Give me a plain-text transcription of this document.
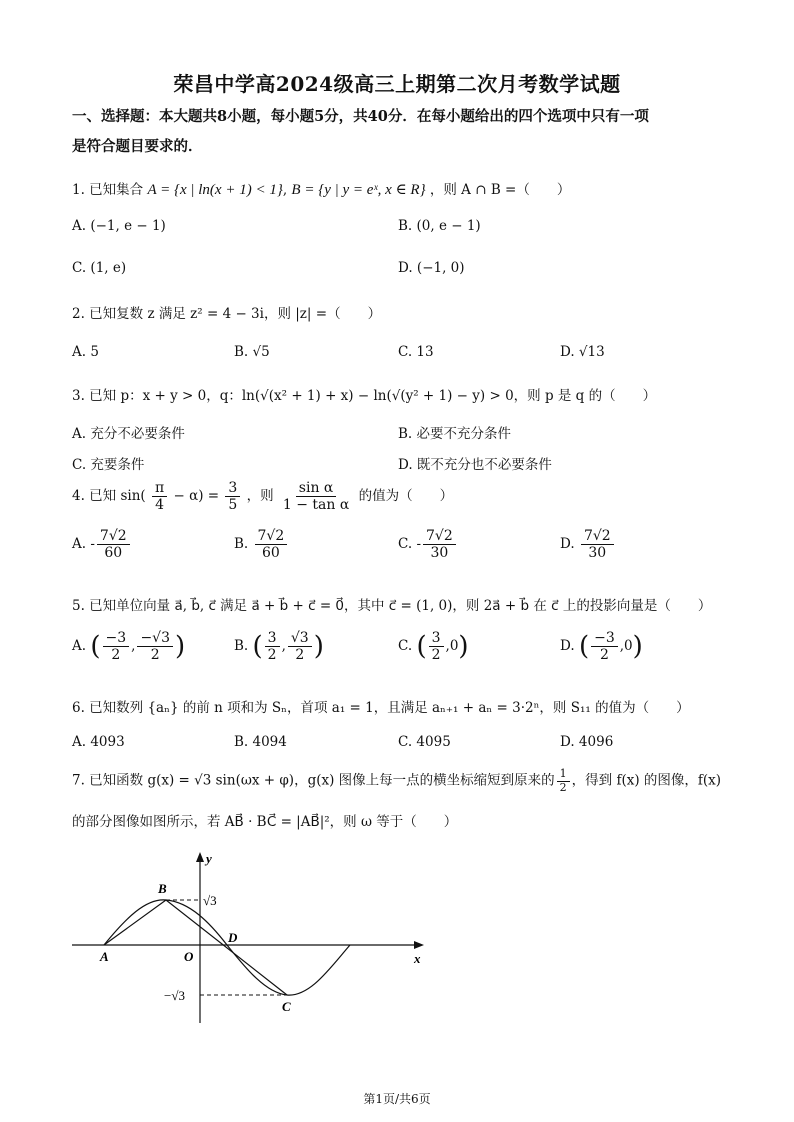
荣昌中学高2024级高三上期第二次月考数学试题
一、选择题：本大题共8小题，每小题5分，共40分．在每小题给出的四个选项中只有一项
是符合题目要求的．
1. 已知集合 A = {x | ln(x + 1) < 1}, B = {y | y = eˣ, x ∈ R} ，则 A ∩ B =（　　）
A. (−1, e − 1)	B. (0, e − 1)
C. (1, e)	D. (−1, 0)
2. 已知复数 z 满足 z² = 4 − 3i，则 |z| =（　　）
A. 5	B. √5	C. 13	D. √13
3. 已知 p：x + y > 0，q：ln(√(x² + 1) + x) − ln(√(y² + 1) − y) > 0，则 p 是 q 的（　　）
A. 充分不必要条件	B. 必要不充分条件
C. 充要条件	D. 既不充分也不必要条件
4. 已知 $\sin( \frac{\pi}{4} - \alpha) = \frac{3}{5}$ ，则 $\frac{\text{sin α}}{\text{1 − tan α}}$ 的值为（　　）
A. - $\frac{7√2}{60}$	B. $\frac{7√2}{60}$	C. - $\frac{7√2}{30}$	D. $\frac{7√2}{30}$
5. 已知单位向量 a⃗, b⃗, c⃗ 满足 a⃗ + b⃗ + c⃗ = 0⃗，其中 c⃗ = (1, 0)，则 2a⃗ + b⃗ 在 c⃗ 上的投影向量是（　　）
A. ( $\frac{-3}{2}$ , $\frac{-√3}{2}$ )	B. ( $\frac{3}{2}$ , $\frac{√3}{2}$ )	C. ( $\frac{3}{2} ,0$)	D. ( $\frac{-3}{2} ,0$)
6. 已知数列 {aₙ} 的前 n 项和为 Sₙ，首项 a₁ = 1，且满足 aₙ₊₁ + aₙ = 3·2ⁿ，则 S₁₁ 的值为（　　）
A. 4093	B. 4094	C. 4095	D. 4096
7. 已知函数 g(x) = √3 sin(ωx + φ)，g(x) 图像上每一点的横坐标缩短到原来的 $\frac{1}{2}$ ，得到 f(x) 的图像，f(x)
的部分图像如图所示，若 AB⃗ · BC⃗ = |AB⃗|²，则 ω 等于（　　）
A
B
C
D
O	x
y
√3
−√3
第1页/共6页
